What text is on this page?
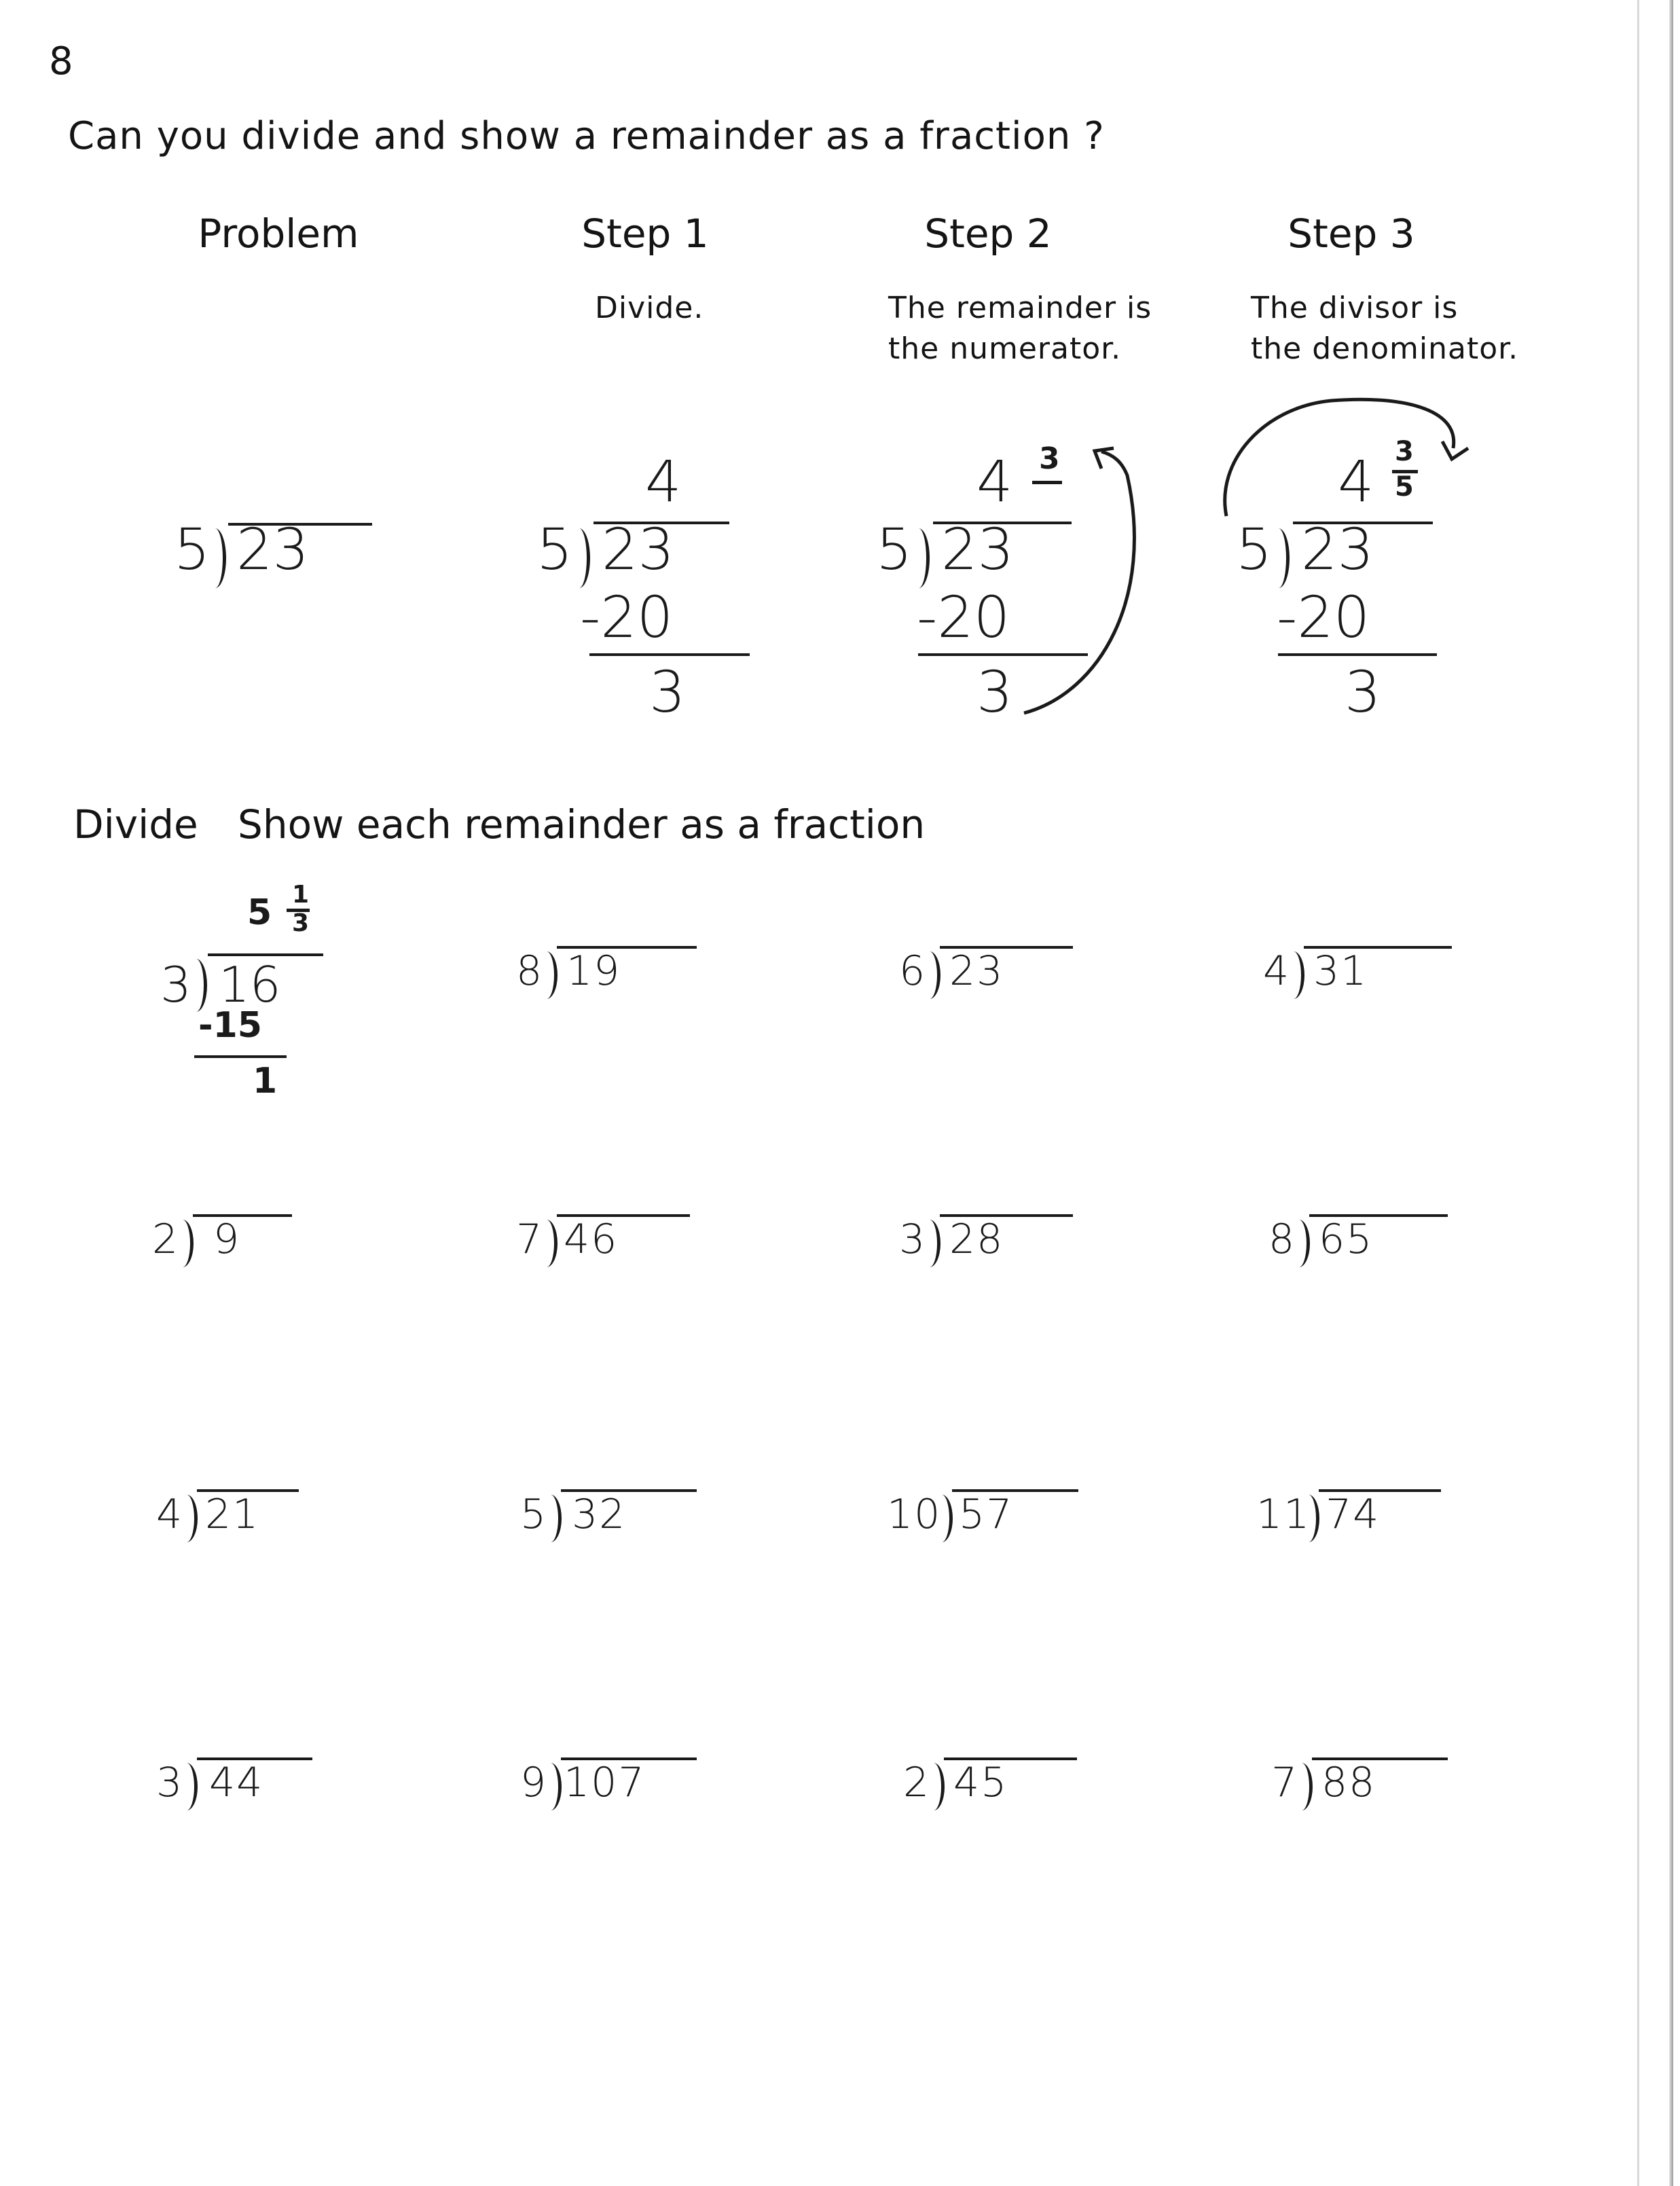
8
Can you divide and show a remainder as a fraction ?
Problem	Step 1	Step 2	Step 3
Divide.	The remainder is
the numerator.
The divisor is
the denominator.
5 23
4
5 23
-20
3
4 3
5 23
-20
3
4 3
5
5 23
-20
3
Divide Show each remainder as a fraction
5 1
3
3 16
-15
1
8 19	6 23	4 31
2 9	7 46	3 28	8 65
4 21	5 32	10 57	11 74
3 44	9 107	2 45	7 88
